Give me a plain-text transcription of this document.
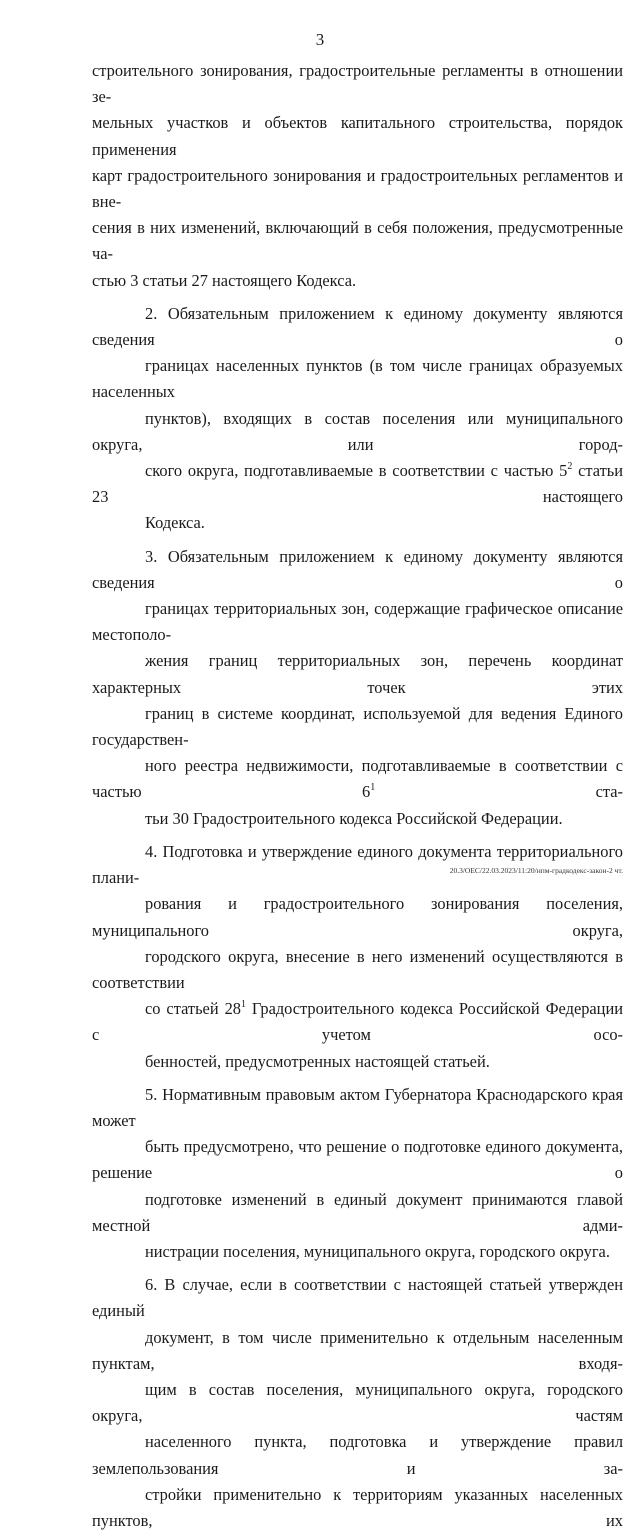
3

строительного зонирования, градостроительные регламенты в отношении зе-
мельных участков и объектов капитального строительства, порядок применения
карт градостроительного зонирования и градостроительных регламентов и вне-
сения в них изменений, включающий в себя положения, предусмотренные ча-
стью 3 статьи 27 настоящего Кодекса.

2. Обязательным приложением к единому документу являются сведения о
границах населенных пунктов (в том числе границах образуемых населенных
пунктов), входящих в состав поселения или муниципального округа, или город-
ского округа, подготавливаемые в соответствии с частью $5^2$ статьи 23 настоящего
Кодекса.

3. Обязательным приложением к единому документу являются сведения о
границах территориальных зон, содержащие графическое описание местополо-
жения границ территориальных зон, перечень координат характерных точек этих
границ в системе координат, используемой для ведения Единого государствен-
ного реестра недвижимости, подготавливаемые в соответствии с частью $6^1$ ста-
тьи 30 Градостроительного кодекса Российской Федерации.

4. Подготовка и утверждение единого документа территориального плани-
рования и градостроительного зонирования поселения, муниципального округа,
городского округа, внесение в него изменений осуществляются в соответствии
со статьей $28^1$ Градостроительного кодекса Российской Федерации с учетом осо-
бенностей, предусмотренных настоящей статьей.

5. Нормативным правовым актом Губернатора Краснодарского края может
быть предусмотрено, что решение о подготовке единого документа, решение о
подготовке изменений в единый документ принимаются главой местной адми-
нистрации поселения, муниципального округа, городского округа.

6. В случае, если в соответствии с настоящей статьей утвержден единый
документ, в том числе применительно к отдельным населенным пунктам, входя-
щим в состав поселения, муниципального округа, городского округа, частям
населенного пункта, подготовка и утверждение правил землепользования и за-
стройки применительно к территориям указанных населенных пунктов, их

20.3/ОЕС/22.03.2023/11:20/нпм-градкодекс-закон-2 чт.
